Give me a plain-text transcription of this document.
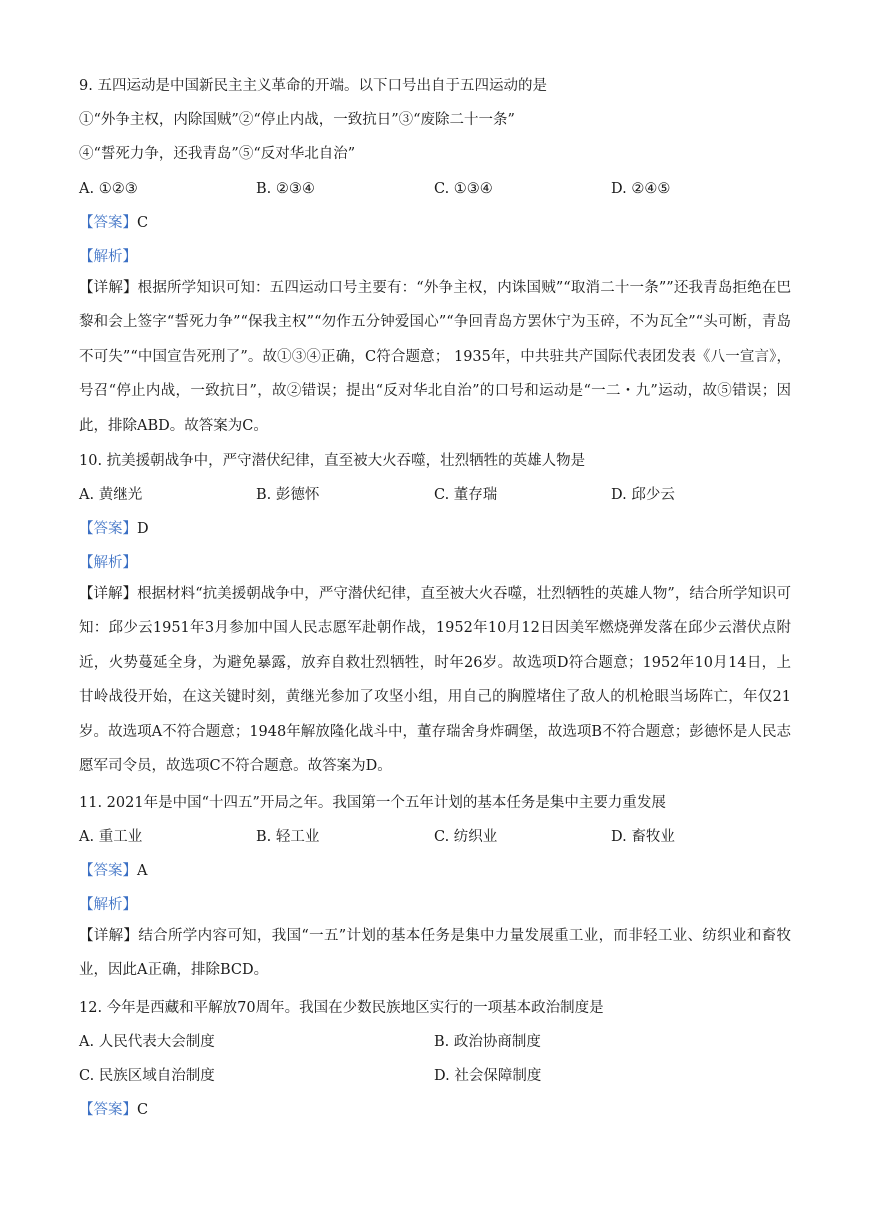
9. 五四运动是中国新民主主义革命的开端。以下口号出自于五四运动的是
①“外争主权，内除国贼”②“停止内战，一致抗日”③“废除二十一条”
④“誓死力争，还我青岛”⑤“反对华北自治”
A. ①②③	B. ②③④	C. ①③④	D. ②④⑤
【答案】C
【解析】
【详解】根据所学知识可知：五四运动口号主要有：“外争主权，内诛国贼”“取消二十一条””还我青岛拒绝在巴黎和会上签字“誓死力争”“保我主权”“勿作五分钟爱国心”“争回青岛方罢休宁为玉碎，不为瓦全”“头可断，青岛不可失”“中国宣告死刑了”。故①③④正确，C符合题意； 1935年，中共驻共产国际代表团发表《八一宣言》，号召“停止内战，一致抗日”，故②错误；提出“反对华北自治”的口号和运动是“一二・九”运动，故⑤错误；因此，排除ABD。故答案为C。
10. 抗美援朝战争中，严守潜伏纪律，直至被大火吞噬，壮烈牺牲的英雄人物是
A. 黄继光	B. 彭德怀	C. 董存瑞	D. 邱少云
【答案】D
【解析】
【详解】根据材料“抗美援朝战争中，严守潜伏纪律，直至被大火吞噬，壮烈牺牲的英雄人物”，结合所学知识可知：邱少云1951年3月参加中国人民志愿军赴朝作战，1952年10月12日因美军燃烧弹发落在邱少云潜伏点附近，火势蔓延全身，为避免暴露，放弃自救壮烈牺牲，时年26岁。故选项D符合题意；1952年10月14日，上甘岭战役开始，在这关键时刻，黄继光参加了攻坚小组，用自己的胸膛堵住了敌人的机枪眼当场阵亡，年仅21岁。故选项A不符合题意；1948年解放隆化战斗中，董存瑞舍身炸碉堡，故选项B不符合题意；彭德怀是人民志愿军司令员，故选项C不符合题意。故答案为D。
11. 2021年是中国“十四五”开局之年。我国第一个五年计划的基本任务是集中主要力重发展
A. 重工业	B. 轻工业	C. 纺织业	D. 畜牧业
【答案】A
【解析】
【详解】结合所学内容可知，我国“一五”计划的基本任务是集中力量发展重工业，而非轻工业、纺织业和畜牧业，因此A正确，排除BCD。
12. 今年是西藏和平解放70周年。我国在少数民族地区实行的一项基本政治制度是
A. 人民代表大会制度	B. 政治协商制度
C. 民族区域自治制度	D. 社会保障制度
【答案】C
